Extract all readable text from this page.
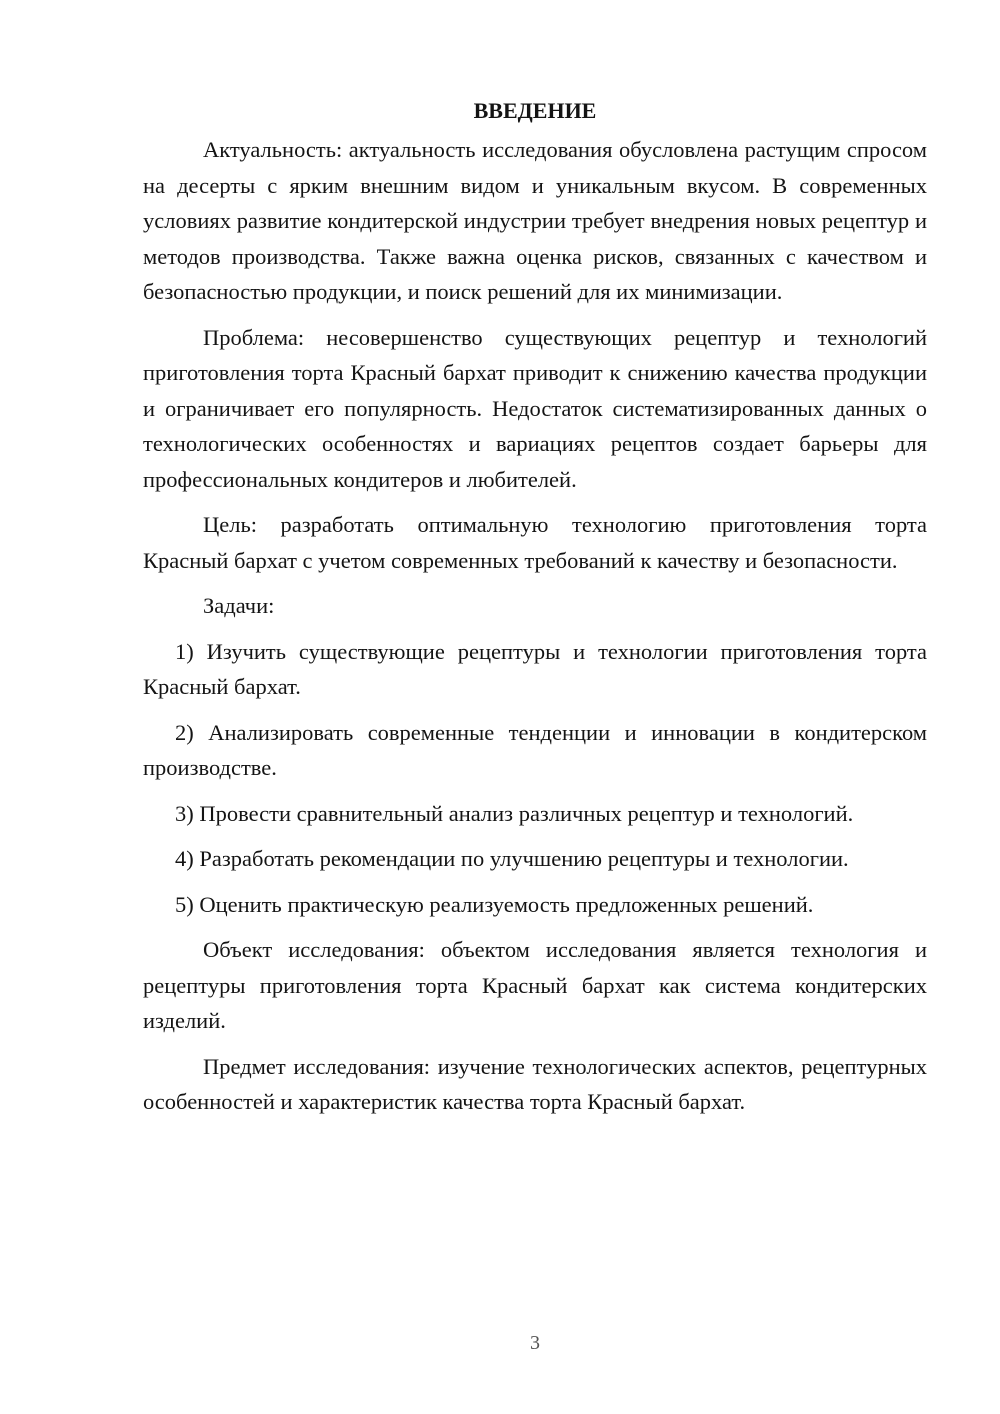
ВВЕДЕНИЕ

Актуальность: актуальность исследования обусловлена растущим спросом на десерты с ярким внешним видом и уникальным вкусом. В современных условиях развитие кондитерской индустрии требует внедрения новых рецептур и методов производства. Также важна оценка рисков, связанных с качеством и безопасностью продукции, и поиск решений для их минимизации.

Проблема: несовершенство существующих рецептур и технологий приготовления торта Красный бархат приводит к снижению качества продукции и ограничивает его популярность. Недостаток систематизированных данных о технологических особенностях и вариациях рецептов создает барьеры для профессиональных кондитеров и любителей.

Цель: разработать оптимальную технологию приготовления торта Красный бархат с учетом современных требований к качеству и безопасности.

Задачи:

1) Изучить существующие рецептуры и технологии приготовления торта Красный бархат.

2) Анализировать современные тенденции и инновации в кондитерском производстве.

3) Провести сравнительный анализ различных рецептур и технологий.

4) Разработать рекомендации по улучшению рецептуры и технологии.

5) Оценить практическую реализуемость предложенных решений.

Объект исследования: объектом исследования является технология и рецептуры приготовления торта Красный бархат как система кондитерских изделий.

Предмет исследования: изучение технологических аспектов, рецептурных особенностей и характеристик качества торта Красный бархат.

3
